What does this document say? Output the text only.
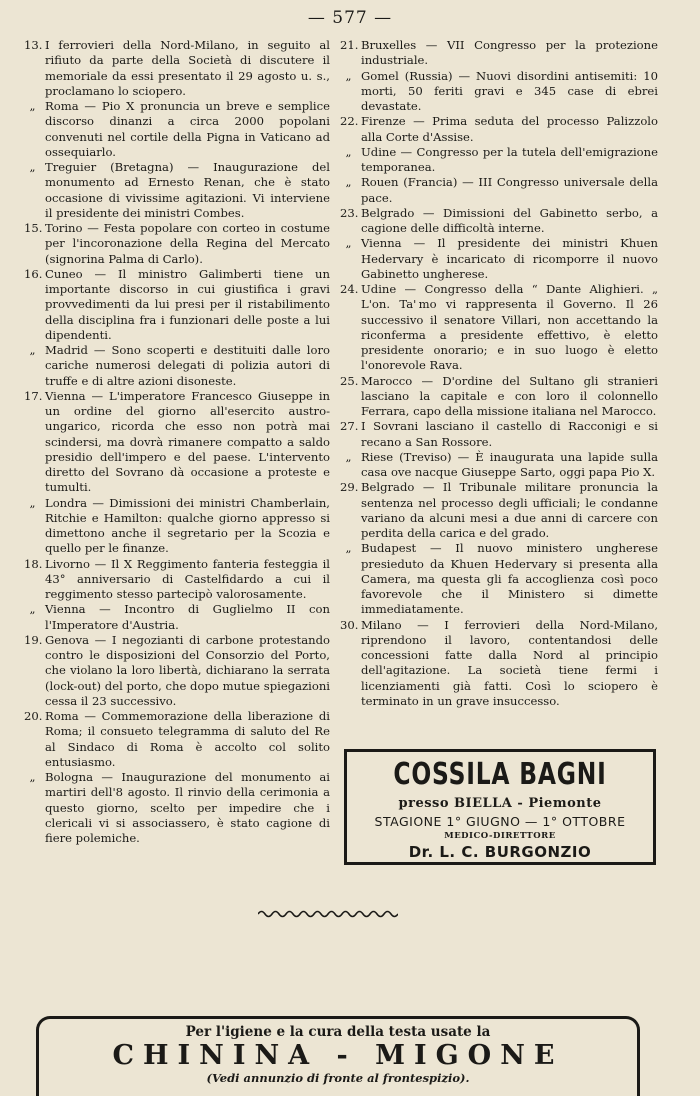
— 577 —

13. I ferrovieri della Nord-Milano, in seguito al rifiuto da parte della Società di discutere il memoriale da essi presentato il 29 agosto u. s., proclamano lo sciopero.

„ Roma — Pio X pronuncia un breve e semplice discorso dinanzi a circa 2000 popolani convenuti nel cortile della Pigna in Vaticano ad ossequiarlo.

„ Treguier (Bretagna) — Inaugurazione del monumento ad Ernesto Renan, che è stato occasione di vivissime agitazioni. Vi interviene il presidente dei ministri Combes.

15. Torino — Festa popolare con corteo in costume per l'incoronazione della Regina del Mercato (signorina Palma di Carlo).

16. Cuneo — Il ministro Galimberti tiene un importante discorso in cui giustifica i gravi provvedimenti da lui presi per il ristabilimento della disciplina fra i funzionari delle poste a lui dipendenti.

„ Madrid — Sono scoperti e destituiti dalle loro cariche numerosi delegati di polizia autori di truffe e di altre azioni disoneste.

17. Vienna — L'imperatore Francesco Giuseppe in un ordine del giorno all'esercito austro-ungarico, ricorda che esso non potrà mai scindersi, ma dovrà rimanere compatto a saldo presidio dell'impero e del paese. L'intervento diretto del Sovrano dà occasione a proteste e tumulti.

„ Londra — Dimissioni dei ministri Chamberlain, Ritchie e Hamilton: qualche giorno appresso si dimettono anche il segretario per la Scozia e quello per le finanze.

18. Livorno — Il X Reggimento fanteria festeggia il 43° anniversario di Castelfidardo a cui il reggimento stesso partecipò valorosamente.

„ Vienna — Incontro di Guglielmo II con l'Imperatore d'Austria.

19. Genova — I negozianti di carbone protestando contro le disposizioni del Consorzio del Porto, che violano la loro libertà, dichiarano la serrata (lock-out) del porto, che dopo mutue spiegazioni cessa il 23 successivo.

20. Roma — Commemorazione della liberazione di Roma; il consueto telegramma di saluto del Re al Sindaco di Roma è accolto col solito entusiasmo.

„ Bologna — Inaugurazione del monumento ai martiri dell'8 agosto. Il rinvio della cerimonia a questo giorno, scelto per impedire che i clericali vi si associassero, è stato cagione di fiere polemiche.

21. Bruxelles — VII Congresso per la protezione industriale.

„ Gomel (Russia) — Nuovi disordini antisemiti: 10 morti, 50 feriti gravi e 345 case di ebrei devastate.

22. Firenze — Prima seduta del processo Palizzolo alla Corte d'Assise.

„ Udine — Congresso per la tutela dell'emigrazione temporanea.

„ Rouen (Francia) — III Congresso universale della pace.

23. Belgrado — Dimissioni del Gabinetto serbo, a cagione delle difficoltà interne.

„ Vienna — Il presidente dei ministri Khuen Hedervary è incaricato di ricomporre il nuovo Gabinetto ungherese.

24. Udine — Congresso della “ Dante Alighieri. „ L'on. Ta' mo vi rappresenta il Governo. Il 26 successivo il senatore Villari, non accettando la riconferma a presidente effettivo, è eletto presidente onorario; e in suo luogo è eletto l'onorevole Rava.

25. Marocco — D'ordine del Sultano gli stranieri lasciano la capitale e con loro il colonnello Ferrara, capo della missione italiana nel Marocco.

27. I Sovrani lasciano il castello di Racconigi e si recano a San Rossore.

„ Riese (Treviso) — È inaugurata una lapide sulla casa ove nacque Giuseppe Sarto, oggi papa Pio X.

29. Belgrado — Il Tribunale militare pronuncia la sentenza nel processo degli ufficiali; le condanne variano da alcuni mesi a due anni di carcere con perdita della carica e del grado.

„ Budapest — Il nuovo ministero ungherese presieduto da Khuen Hedervary si presenta alla Camera, ma questa gli fa accoglienza così poco favorevole che il Ministero si dimette immediatamente.

30. Milano — I ferrovieri della Nord-Milano, riprendono il lavoro, contentandosi delle concessioni fatte dalla Nord al principio dell'agitazione. La società tiene fermi i licenziamenti già fatti. Così lo sciopero è terminato in un grave insuccesso.

COSSILA BAGNI
presso BIELLA - Piemonte
STAGIONE 1° GIUGNO — 1° OTTOBRE
MEDICO-DIRETTORE
Dr. L. C. BURGONZIO
Per l'igiene e la cura della testa usate la
CHININA - MIGONE
(Vedi annunzio di fronte al frontespizio).
